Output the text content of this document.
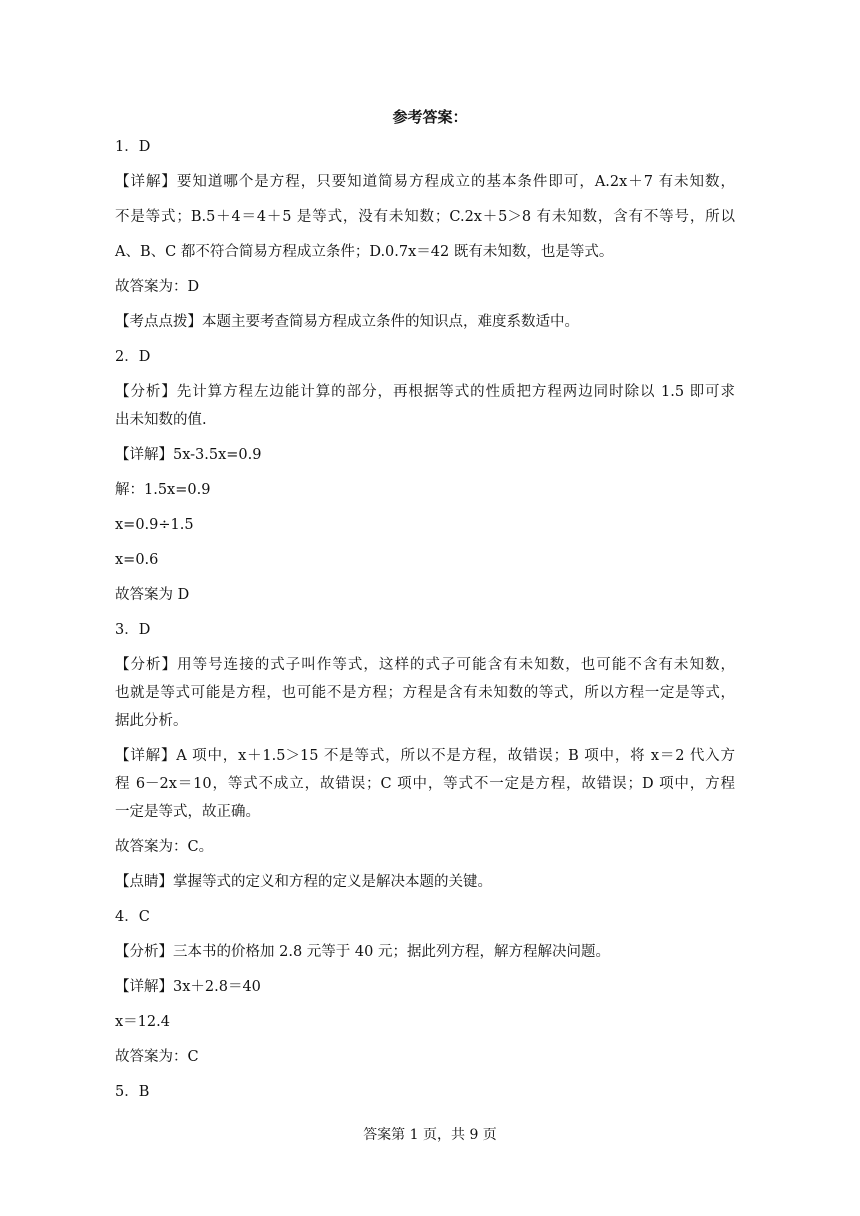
参考答案：
1．D
【详解】要知道哪个是方程，只要知道简易方程成立的基本条件即可，A.2x＋7 有未知数，
不是等式；B.5＋4＝4＋5 是等式，没有未知数；C.2x＋5＞8 有未知数，含有不等号，所以
A、B、C 都不符合简易方程成立条件；D.0.7x＝42 既有未知数，也是等式。
故答案为：D
【考点点拨】本题主要考查简易方程成立条件的知识点，难度系数适中。
2．D
【分析】先计算方程左边能计算的部分，再根据等式的性质把方程两边同时除以 1.5 即可求
出未知数的值.
【详解】5x-3.5x=0.9
解：1.5x=0.9
x=0.9÷1.5
x=0.6
故答案为 D
3．D
【分析】用等号连接的式子叫作等式，这样的式子可能含有未知数，也可能不含有未知数，
也就是等式可能是方程，也可能不是方程；方程是含有未知数的等式，所以方程一定是等式，
据此分析。
【详解】A 项中，x＋1.5＞15 不是等式，所以不是方程，故错误；B 项中，将 x＝2 代入方
程 6－2x＝10，等式不成立，故错误；C 项中，等式不一定是方程，故错误；D 项中，方程
一定是等式，故正确。
故答案为：C。
【点睛】掌握等式的定义和方程的定义是解决本题的关键。
4．C
【分析】三本书的价格加 2.8 元等于 40 元；据此列方程，解方程解决问题。
【详解】3x＋2.8＝40
x＝12.4
故答案为：C
5．B
答案第 1 页，共 9 页
